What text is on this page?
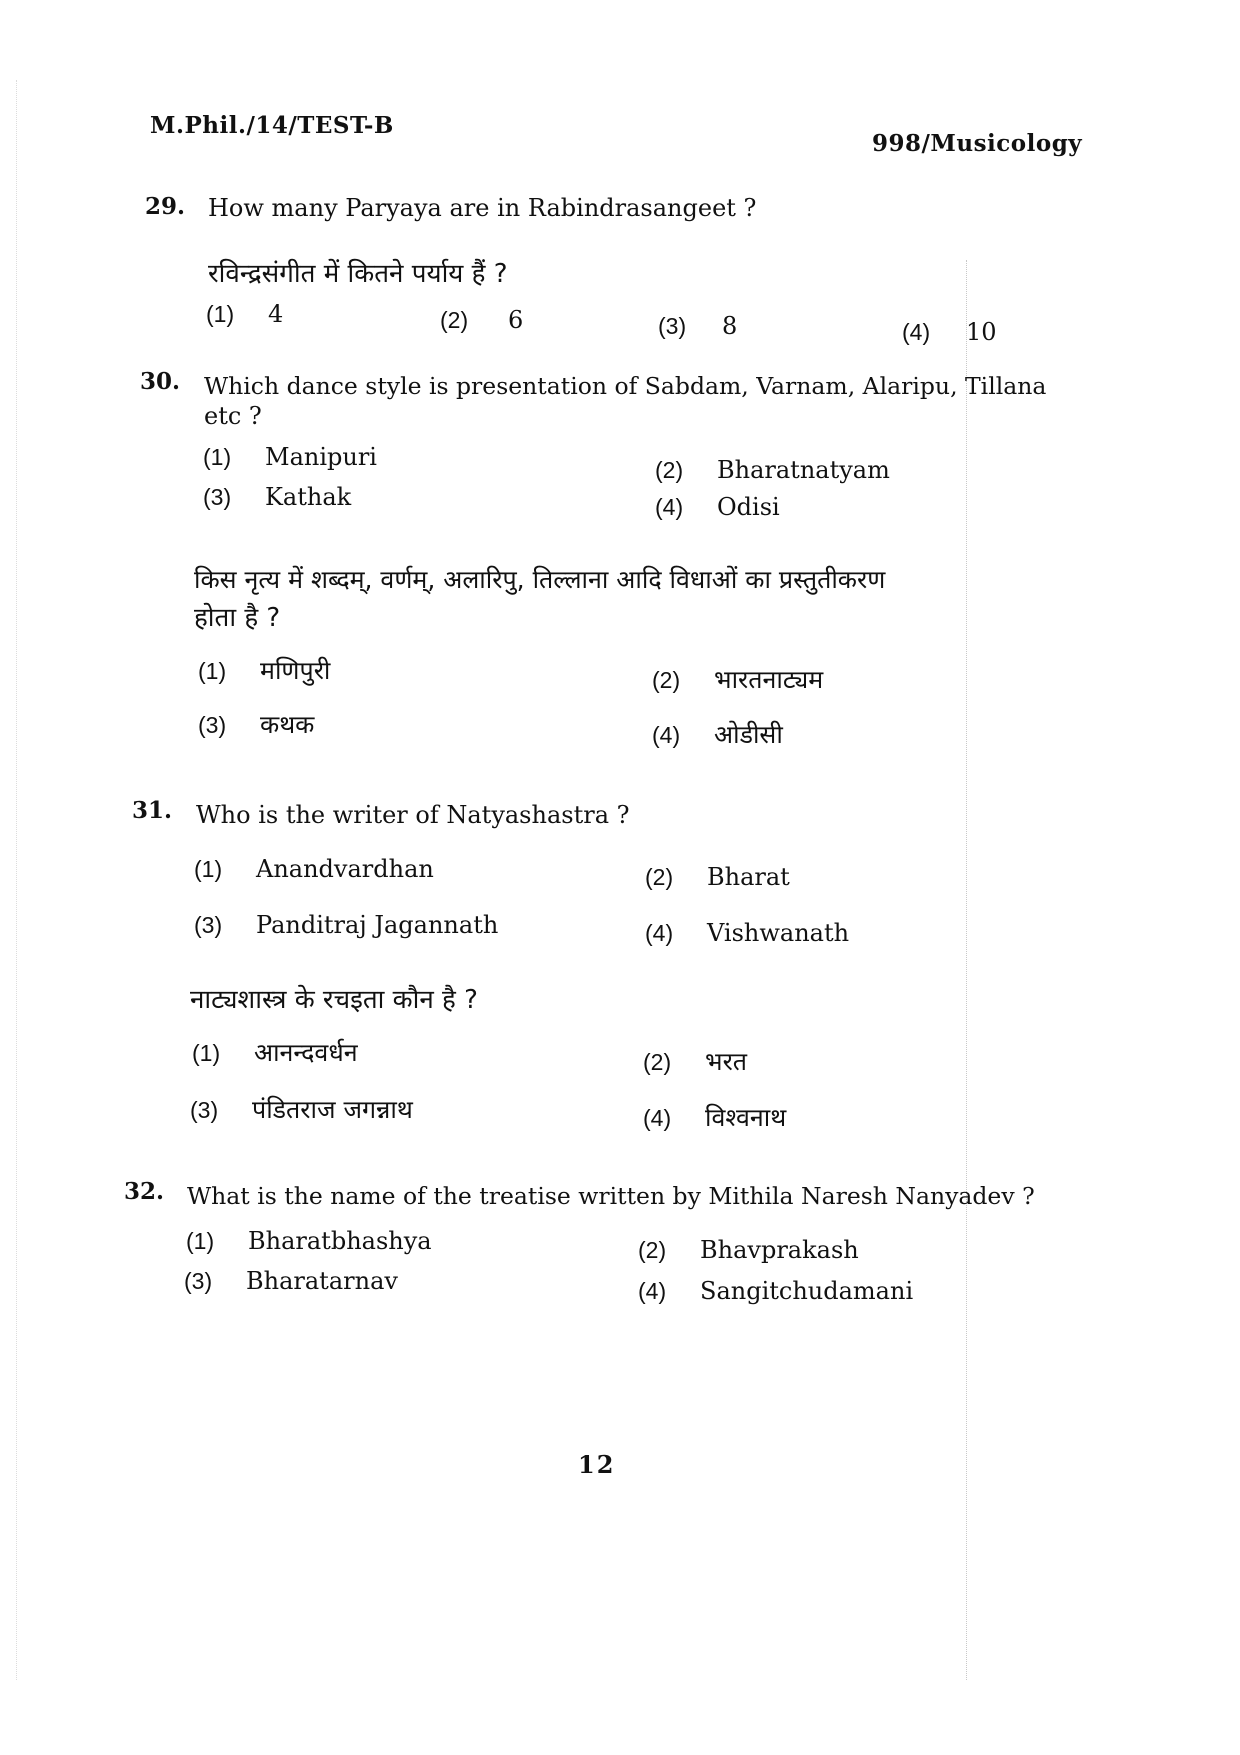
M.Phil./14/TEST-B
998/Musicology
29. How many Paryaya are in Rabindrasangeet ?
रविन्द्रसंगीत में कितने पर्याय हैं ?
(1) 4	(2) 6	(3) 8	(4) 10
30. Which dance style is presentation of Sabdam, Varnam, Alaripu, Tillana
etc ?
(1) Manipuri	(2) Bharatnatyam
(3) Kathak	(4) Odisi
किस नृत्य में शब्दम्, वर्णम्, अलारिपु, तिल्लाना आदि विधाओं का प्रस्तुतीकरण
होता है ?
(1) मणिपुरी	(2) भारतनाट्यम
(3) कथक	(4) ओडीसी
31. Who is the writer of Natyashastra ?
(1) Anandvardhan	(2) Bharat
(3) Panditraj Jagannath	(4) Vishwanath
नाट्यशास्त्र के रचइता कौन है ?
(1) आनन्दवर्धन	(2) भरत
(3) पंडितराज जगन्नाथ	(4) विश्वनाथ
32. What is the name of the treatise written by Mithila Naresh Nanyadev ?
(1) Bharatbhashya	(2) Bhavprakash
(3) Bharatarnav	(4) Sangitchudamani
12
